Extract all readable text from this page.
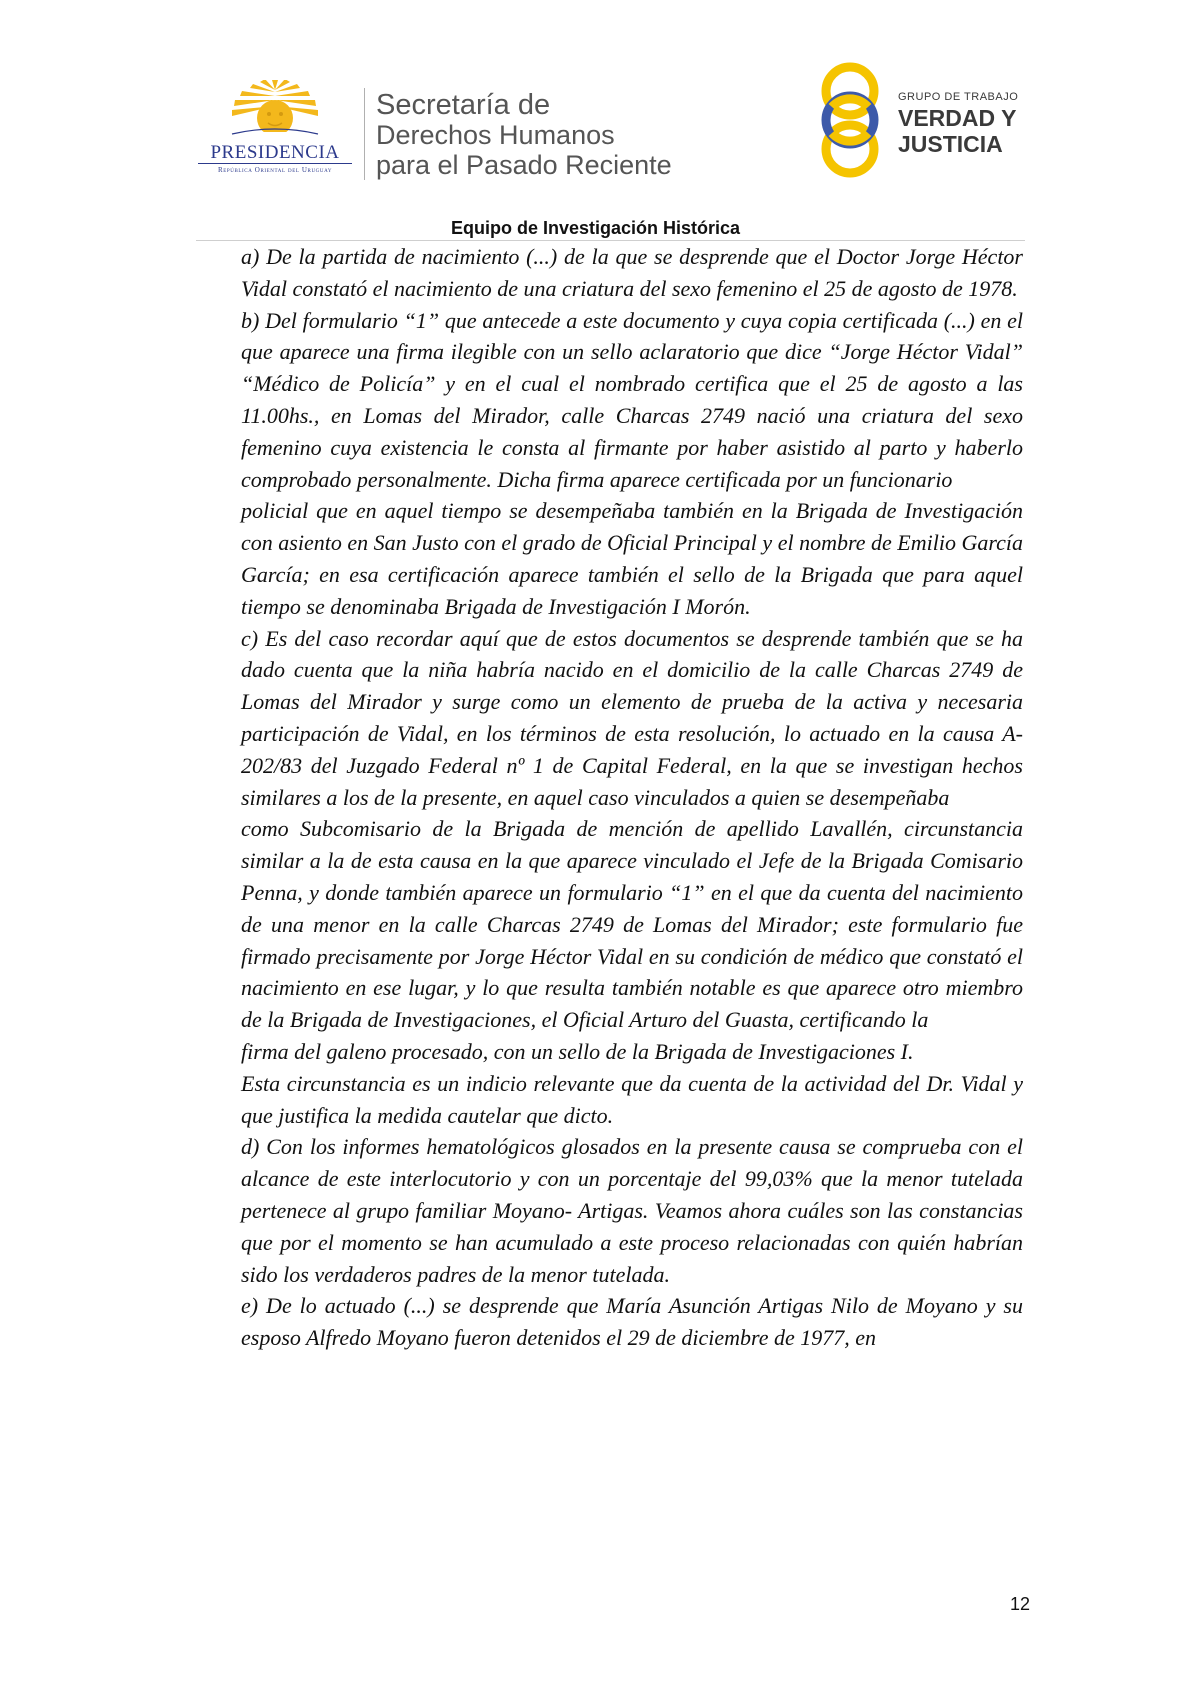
PRESIDENCIA
República Oriental del Uruguay
Secretaría de
Derechos Humanos
para el Pasado Reciente
GRUPO DE TRABAJO
VERDAD Y
JUSTICIA
Equipo de Investigación Histórica

a) De la partida de nacimiento (...) de la que se desprende que el Doctor Jorge Héctor Vidal constató el nacimiento de una criatura del sexo femenino el 25 de agosto de 1978.

b) Del formulario “1” que antecede a este documento y cuya copia certificada (...) en el que aparece una firma ilegible con un sello aclaratorio que dice “Jorge Héctor Vidal” “Médico de Policía” y en el cual el nombrado certifica que el 25 de agosto a las 11.00hs., en Lomas del Mirador, calle Charcas 2749 nació una criatura del sexo femenino cuya existencia le consta al firmante por haber asistido al parto y haberlo comprobado personalmente. Dicha firma aparece certificada por un funcionario

policial que en aquel tiempo se desempeñaba también en la Brigada de Investigación con asiento en San Justo con el grado de Oficial Principal y el nombre de Emilio García García; en esa certificación aparece también el sello de la Brigada que para aquel tiempo se denominaba Brigada de Investigación I Morón.

c) Es del caso recordar aquí que de estos documentos se desprende también que se ha dado cuenta que la niña habría nacido en el domicilio de la calle Charcas 2749 de Lomas del Mirador y surge como un elemento de prueba de la activa y necesaria participación de Vidal, en los términos de esta resolución, lo actuado en la causa A- 202/83 del Juzgado Federal nº 1 de Capital Federal, en la que se investigan hechos similares a los de la presente, en aquel caso vinculados a quien se desempeñaba

como Subcomisario de la Brigada de mención de apellido Lavallén, circunstancia similar a la de esta causa en la que aparece vinculado el Jefe de la Brigada Comisario Penna, y donde también aparece un formulario “1” en el que da cuenta del nacimiento de una menor en la calle Charcas 2749 de Lomas del Mirador; este formulario fue firmado precisamente por Jorge Héctor Vidal en su condición de médico que constató el nacimiento en ese lugar, y lo que resulta también notable es que aparece otro miembro de la Brigada de Investigaciones, el Oficial Arturo del Guasta, certificando la

firma del galeno procesado, con un sello de la Brigada de Investigaciones I.

Esta circunstancia es un indicio relevante que da cuenta de la actividad del Dr. Vidal y que justifica la medida cautelar que dicto.

d) Con los informes hematológicos glosados en la presente causa se comprueba con el alcance de este interlocutorio y con un porcentaje del 99,03% que la menor tutelada pertenece al grupo familiar Moyano- Artigas. Veamos ahora cuáles son las constancias que por el momento se han acumulado a este proceso relacionadas con quién habrían sido los verdaderos padres de la menor tutelada.

e) De lo actuado (...) se desprende que María Asunción Artigas Nilo de Moyano y su esposo Alfredo Moyano fueron detenidos el 29 de diciembre de 1977, en

12
